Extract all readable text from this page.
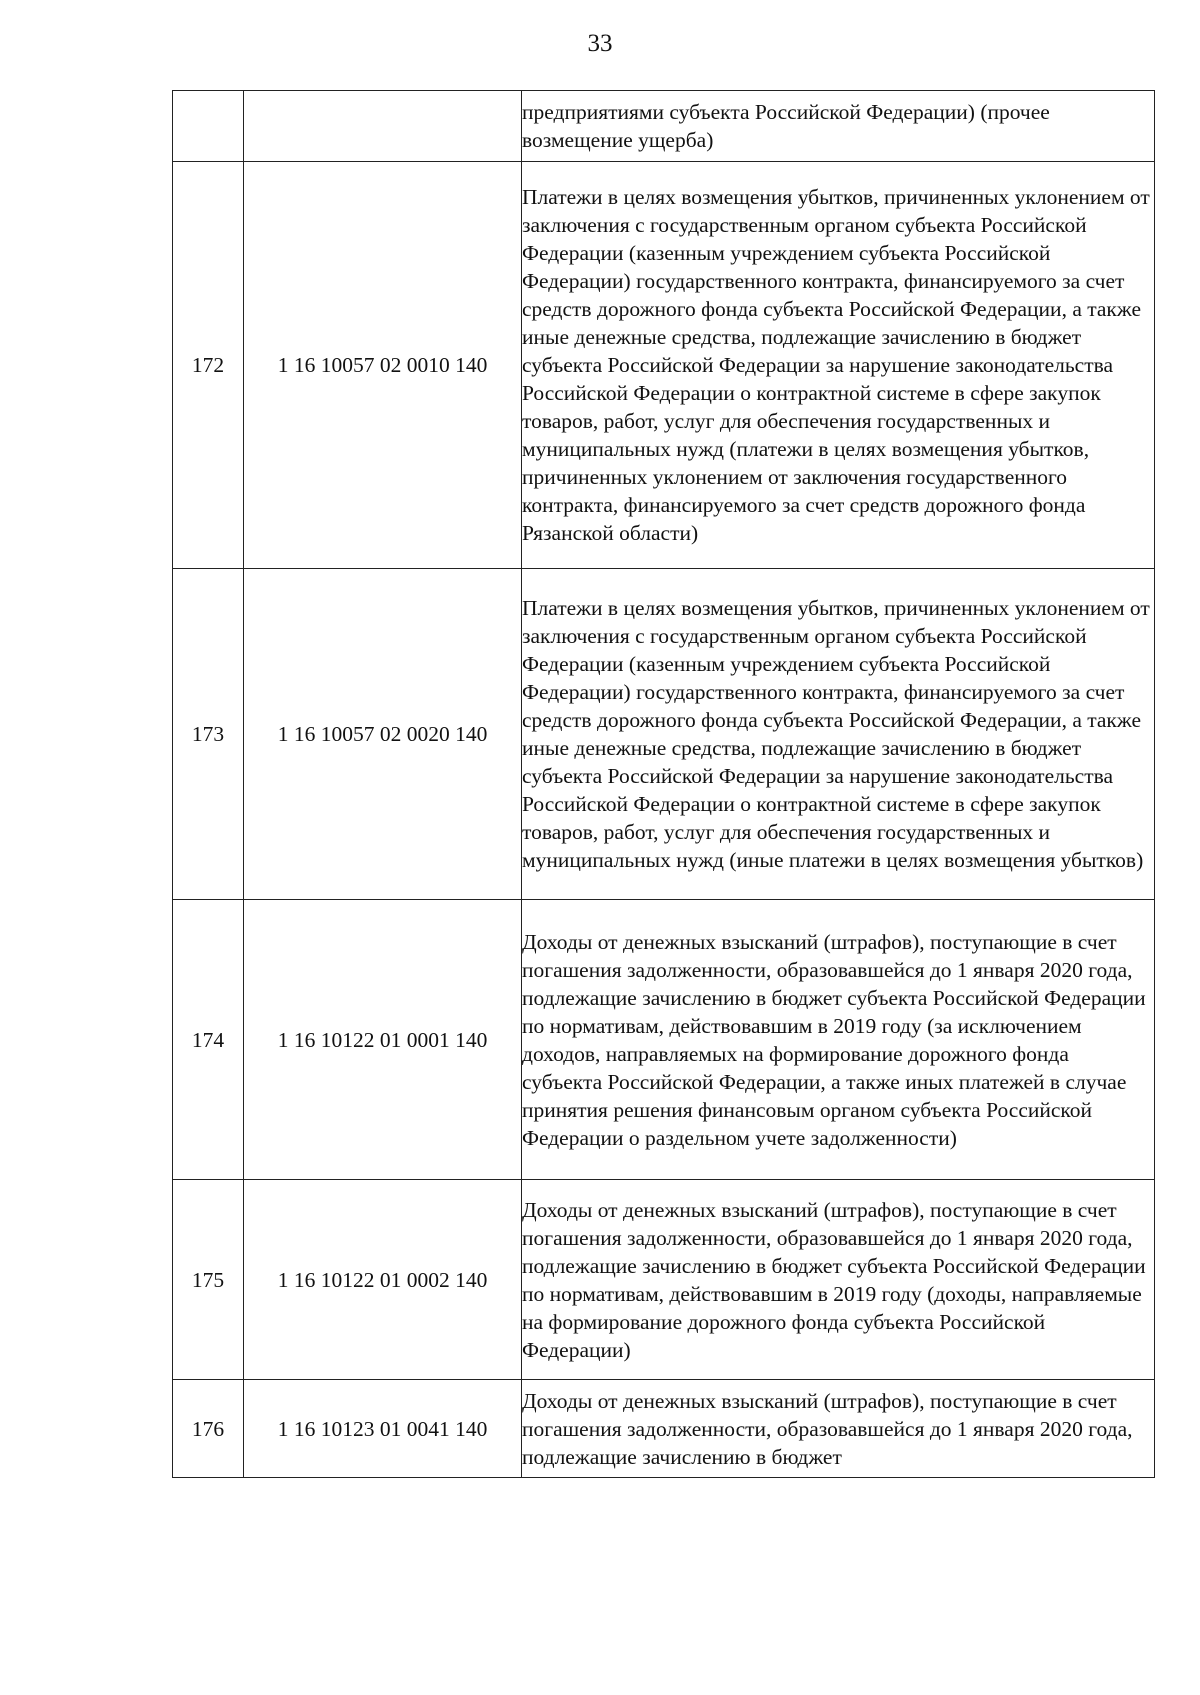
33
		предприятиями субъекта Российской Федерации) (прочее возмещение ущерба)
172	1 16 10057 02 0010 140	Платежи в целях возмещения убытков, причиненных уклонением от заключения с государственным органом субъекта Российской Федерации (казенным учреждением субъекта Российской Федерации) государственного контракта, финансируемого за счет средств дорожного фонда субъекта Российской Федерации, а также иные денежные средства, подлежащие зачислению в бюджет субъекта Российской Федерации за нарушение законодательства Российской Федерации о контрактной системе в сфере закупок товаров, работ, услуг для обеспечения государственных и муниципальных нужд (платежи в целях возмещения убытков, причиненных уклонением от заключения государственного контракта, финансируемого за счет средств дорожного фонда Рязанской области)
173	1 16 10057 02 0020 140	Платежи в целях возмещения убытков, причиненных уклонением от заключения с государственным органом субъекта Российской Федерации (казенным учреждением субъекта Российской Федерации) государственного контракта, финансируемого за счет средств дорожного фонда субъекта Российской Федерации, а также иные денежные средства, подлежащие зачислению в бюджет субъекта Российской Федерации за нарушение законодательства Российской Федерации о контрактной системе в сфере закупок товаров, работ, услуг для обеспечения государственных и муниципальных нужд (иные платежи в целях возмещения убытков)
174	1 16 10122 01 0001 140	Доходы от денежных взысканий (штрафов), поступающие в счет погашения задолженности, образовавшейся до 1 января 2020 года, подлежащие зачислению в бюджет субъекта Российской Федерации по нормативам, действовавшим в 2019 году (за исключением доходов, направляемых на формирование дорожного фонда субъекта Российской Федерации, а также иных платежей в случае принятия решения финансовым органом субъекта Российской Федерации о раздельном учете задолженности)
175	1 16 10122 01 0002 140	Доходы от денежных взысканий (штрафов), поступающие в счет погашения задолженности, образовавшейся до 1 января 2020 года, подлежащие зачислению в бюджет субъекта Российской Федерации по нормативам, действовавшим в 2019 году (доходы, направляемые на формирование дорожного фонда субъекта Российской Федерации)
176	1 16 10123 01 0041 140	Доходы от денежных взысканий (штрафов), поступающие в счет погашения задолженности, образовавшейся до 1 января 2020 года, подлежащие зачислению в бюджет
